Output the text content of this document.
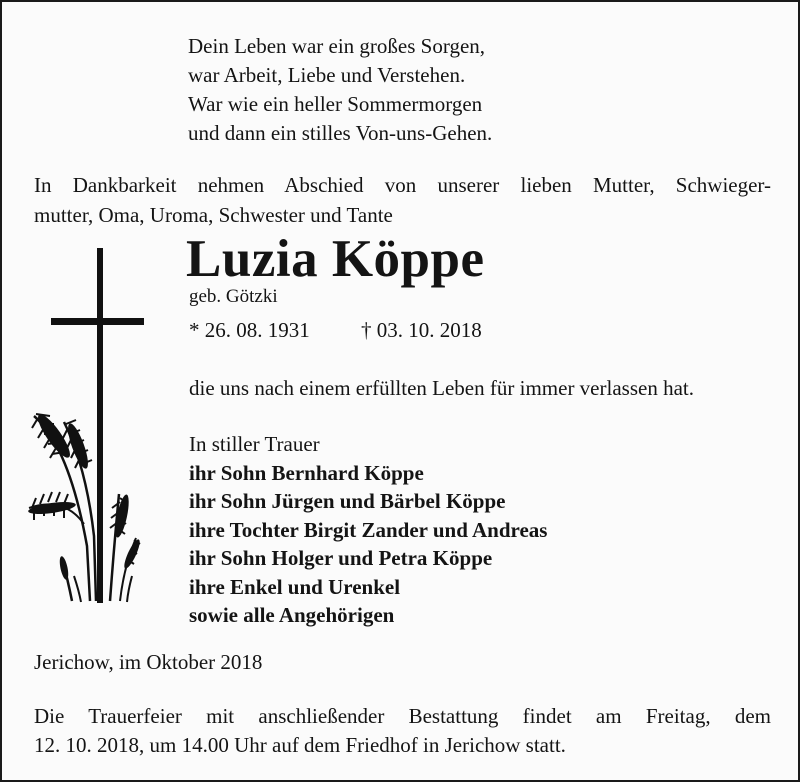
Dein Leben war ein großes Sorgen,
war Arbeit, Liebe und Verstehen.
War wie ein heller Sommermorgen
und dann ein stilles Von-uns-Gehen.
In Dankbarkeit nehmen Abschied von unserer lieben Mutter, Schwieger-
mutter, Oma, Uroma, Schwester und Tante
Luzia Köppe
geb. Götzki
* 26. 08. 1931 † 03. 10. 2018
die uns nach einem erfüllten Leben für immer verlassen hat.
In stiller Trauer
ihr Sohn Bernhard Köppe
ihr Sohn Jürgen und Bärbel Köppe
ihre Tochter Birgit Zander und Andreas
ihr Sohn Holger und Petra Köppe
ihre Enkel und Urenkel
sowie alle Angehörigen
Jerichow, im Oktober 2018
Die Trauerfeier mit anschließender Bestattung findet am Freitag, dem
12. 10. 2018, um 14.00 Uhr auf dem Friedhof in Jerichow statt.
